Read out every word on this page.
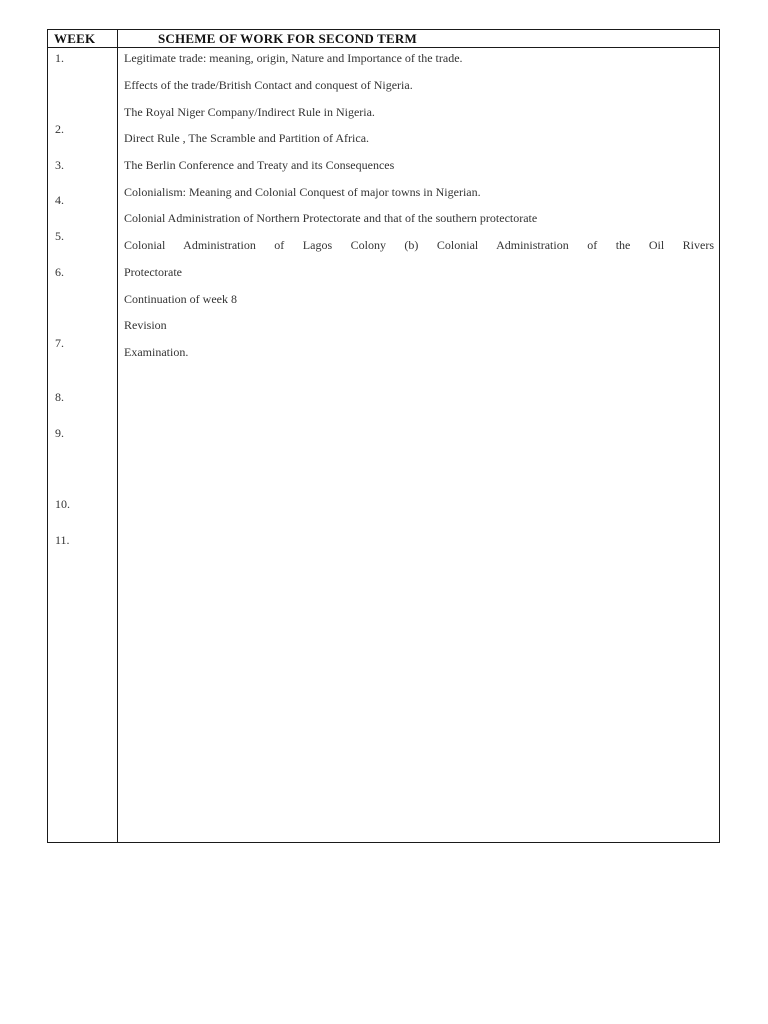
WEEK	SCHEME OF WORK FOR SECOND TERM
1.
2.
3.
4.
5.
6.
7.
8.
9.
10.
11.
Legitimate trade: meaning, origin, Nature and Importance of the trade.
Effects of the trade/British Contact and conquest of Nigeria.
The Royal Niger Company/Indirect Rule in Nigeria.
Direct Rule , The Scramble and Partition of Africa.
The Berlin Conference and Treaty and its Consequences
Colonialism: Meaning and Colonial Conquest of major towns in Nigerian.
Colonial Administration of Northern Protectorate and that of the southern protectorate
Colonial Administration of Lagos Colony (b) Colonial Administration of the Oil Rivers
Protectorate
Continuation of week 8
Revision
Examination.
